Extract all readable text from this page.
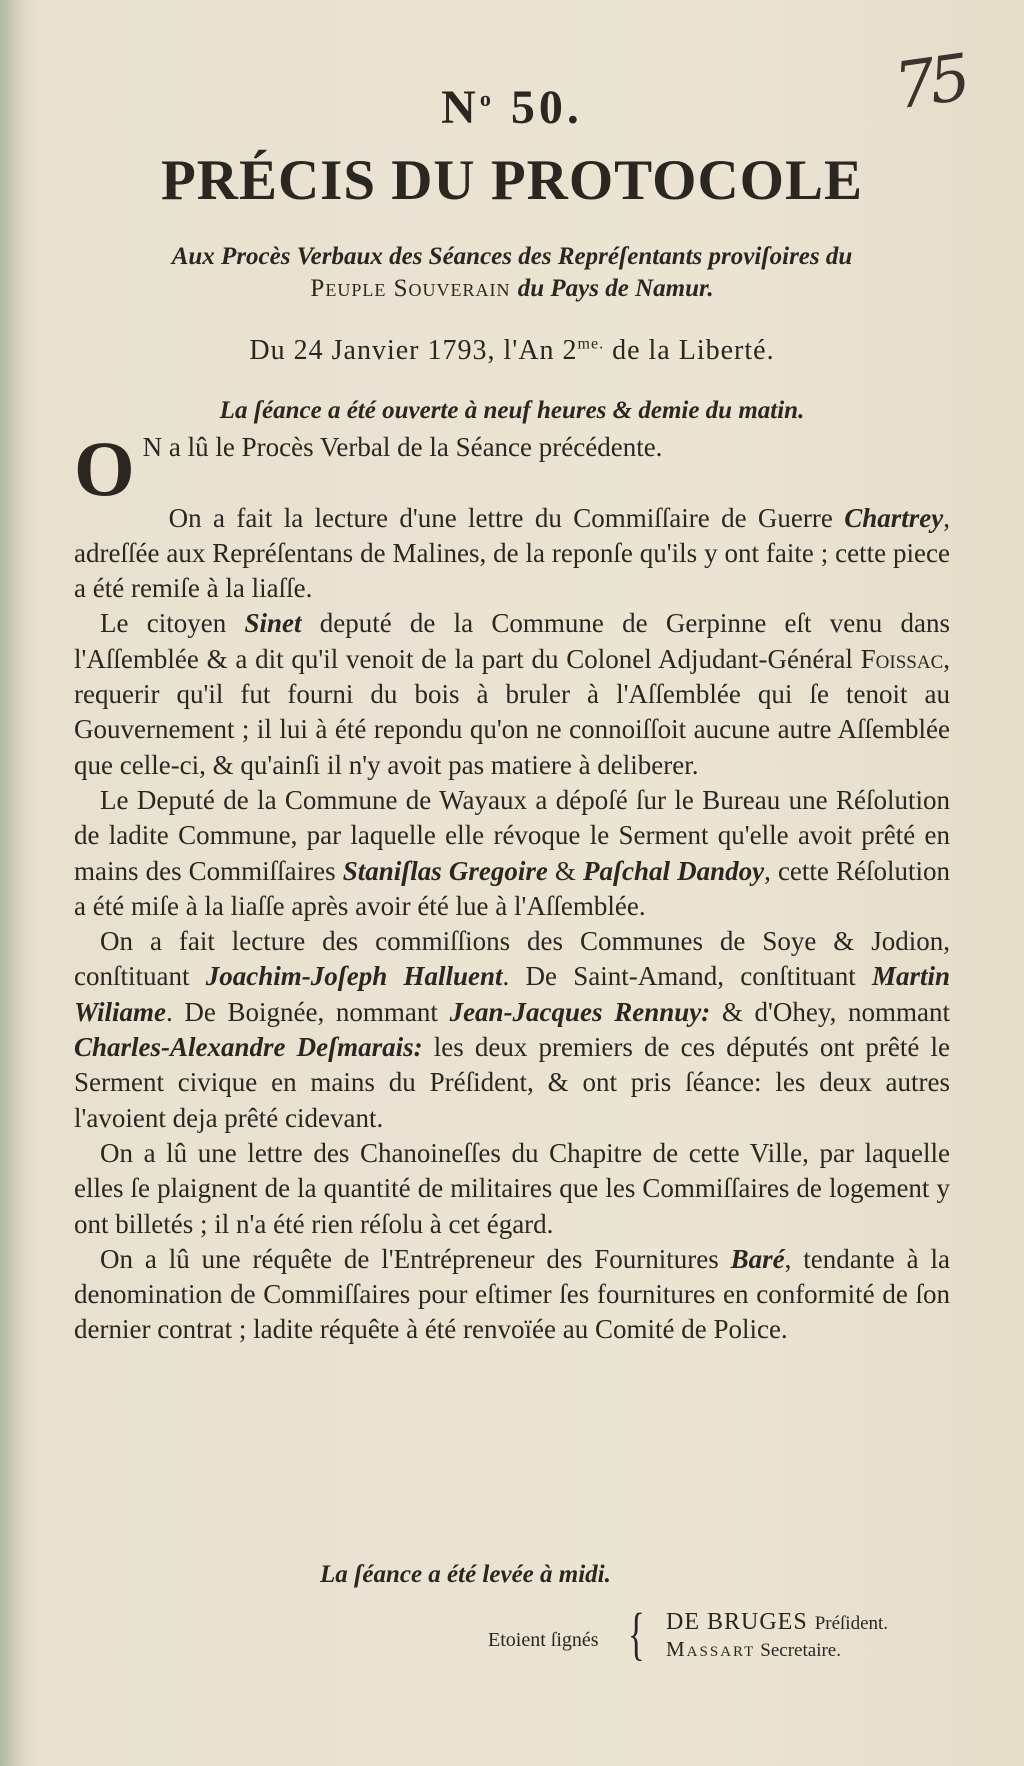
75
$N^o$ 50.
PRÉCIS DU PROTOCOLE
Aux Procès Verbaux des Séances des Repréſentants proviſoires du
Peuple Souverain du Pays de Namur.
Du 24 Janvier 1793, l'An $2^{me.}$ de la Liberté.
La ſéance a été ouverte à neuf heures & demie du matin.

O N a lû le Procès Verbal de la Séance précédente.

On a fait la lecture d'une lettre du Commiſſaire de Guerre Chartrey, adreſſée aux Repréſentans de Malines, de la reponſe qu'ils y ont faite ; cette piece a été remiſe à la liaſſe.

Le citoyen Sinet deputé de la Commune de Gerpinne eſt venu dans l'Aſſemblée & a dit qu'il venoit de la part du Colonel Adjudant-Général Foissac, requerir qu'il fut fourni du bois à bruler à l'Aſſemblée qui ſe tenoit au Gouvernement ; il lui à été repondu qu'on ne connoiſſoit aucune autre Aſſemblée que celle-ci, & qu'ainſi il n'y avoit pas matiere à deliberer.

Le Deputé de la Commune de Wayaux a dépoſé ſur le Bureau une Réſolution de ladite Commune, par laquelle elle révoque le Serment qu'elle avoit prêté en mains des Commiſſaires Staniſlas Gregoire & Paſchal Dandoy, cette Réſolution a été miſe à la liaſſe après avoir été lue à l'Aſſemblée.

On a fait lecture des commiſſions des Communes de Soye & Jodion, conſtituant Joachim-Joſeph Halluent. De Saint-Amand, conſtituant Martin Wiliame. De Boignée, nommant Jean-Jacques Rennuy: & d'Ohey, nommant Charles-Alexandre Deſmarais: les deux premiers de ces députés ont prêté le Serment civique en mains du Préſident, & ont pris ſéance: les deux autres l'avoient deja prêté cidevant.

On a lû une lettre des Chanoineſſes du Chapitre de cette Ville, par laquelle elles ſe plaignent de la quantité de militaires que les Commiſſaires de logement y ont billetés ; il n'a été rien réſolu à cet égard.

On a lû une réquête de l'Entrépreneur des Fournitures Baré, tendante à la denomination de Commiſſaires pour eſtimer ſes fournitures en conformité de ſon dernier contrat ; ladite réquête à été renvoïée au Comité de Police.

La ſéance a été levée à midi.
Etoient ſignés { DE BRUGES Préſident.
Massart Secretaire.
